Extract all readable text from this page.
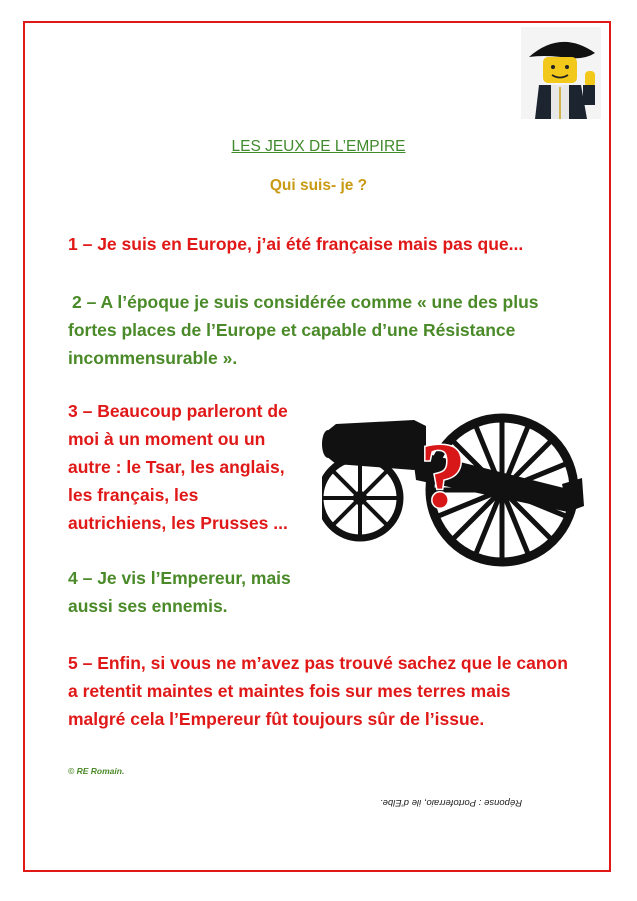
LES JEUX DE L’EMPIRE
Qui suis- je ?

1 – Je suis en Europe, j’ai été française mais pas que...

2 – A l’époque je suis considérée comme « une des plus
fortes places de l’Europe et capable d’une Résistance
incommensurable ».

3 – Beaucoup parleront de
moi à un moment ou un
autre : le Tsar, les anglais,
les français, les
autrichiens, les Prusses ...	?

4 – Je vis l’Empereur, mais
aussi ses ennemis.

5 – Enfin, si vous ne m’avez pas trouvé sachez que le canon
a retentit maintes et maintes fois sur mes terres mais
malgré cela l’Empereur fût toujours sûr de l’issue.

© RE Romain.
Réponse : Portoferraio, ile d’Elbe.
